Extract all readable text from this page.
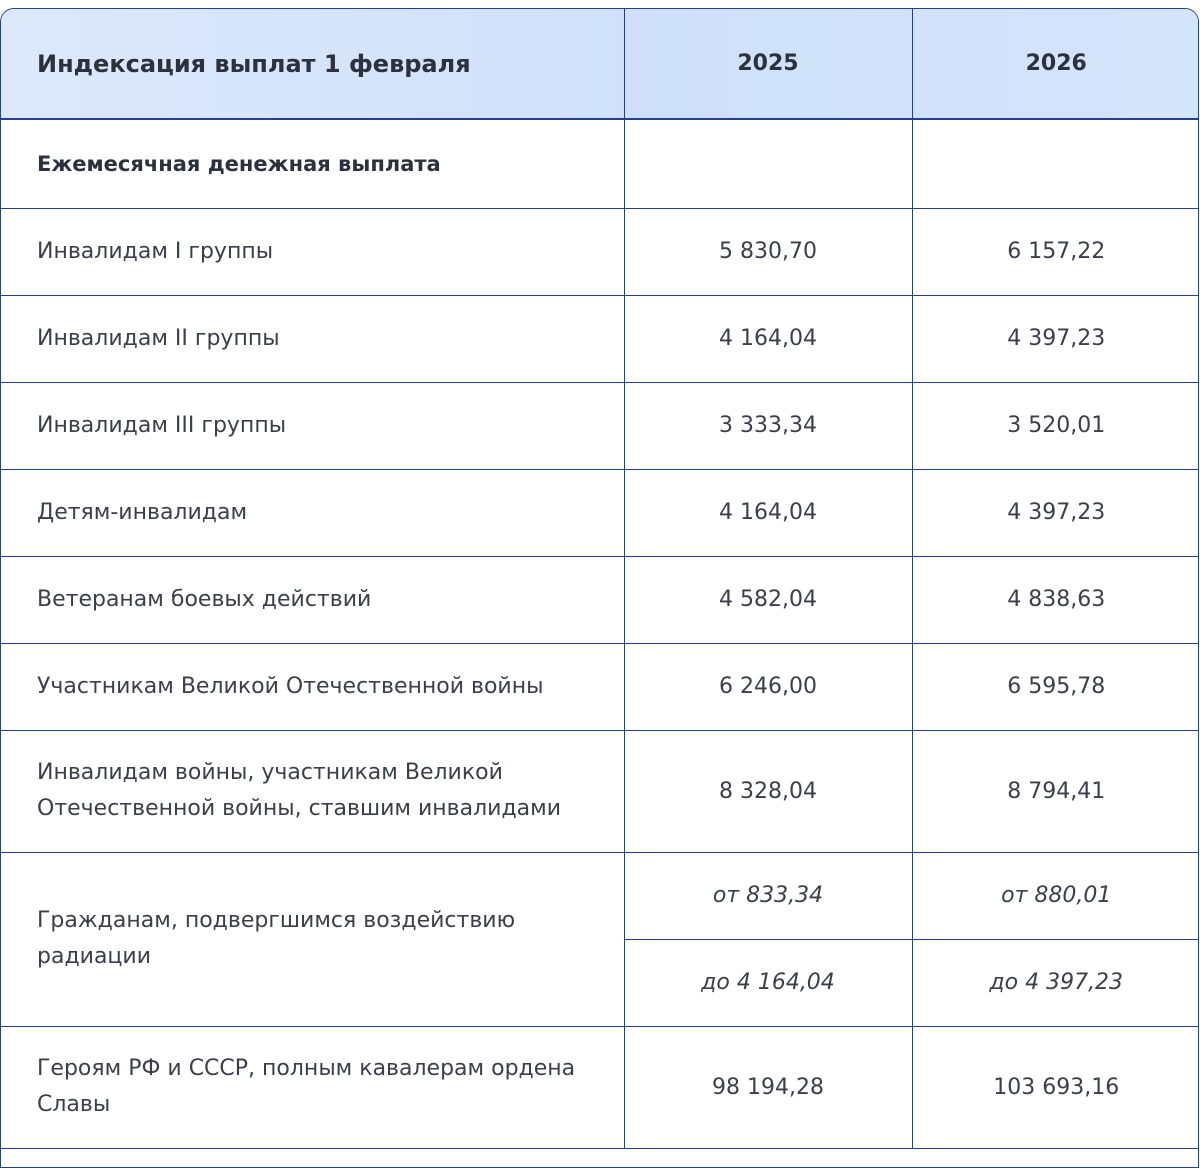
Индексация выплат 1 февраля	2025	2026
Ежемесячная денежная выплата		
Инвалидам I группы	5 830,70	6 157,22
Инвалидам II группы	4 164,04	4 397,23
Инвалидам III группы	3 333,34	3 520,01
Детям-инвалидам	4 164,04	4 397,23
Ветеранам боевых действий	4 582,04	4 838,63
Участникам Великой Отечественной войны	6 246,00	6 595,78
Инвалидам войны, участникам Великой Отечественной войны, ставшим инвалидами	8 328,04	8 794,41
Гражданам, подвергшимся воздействию радиации	от 833,34	от 880,01
	до 4 164,04	до 4 397,23
Героям РФ и СССР, полным кавалерам ордена Славы	98 194,28	103 693,16
